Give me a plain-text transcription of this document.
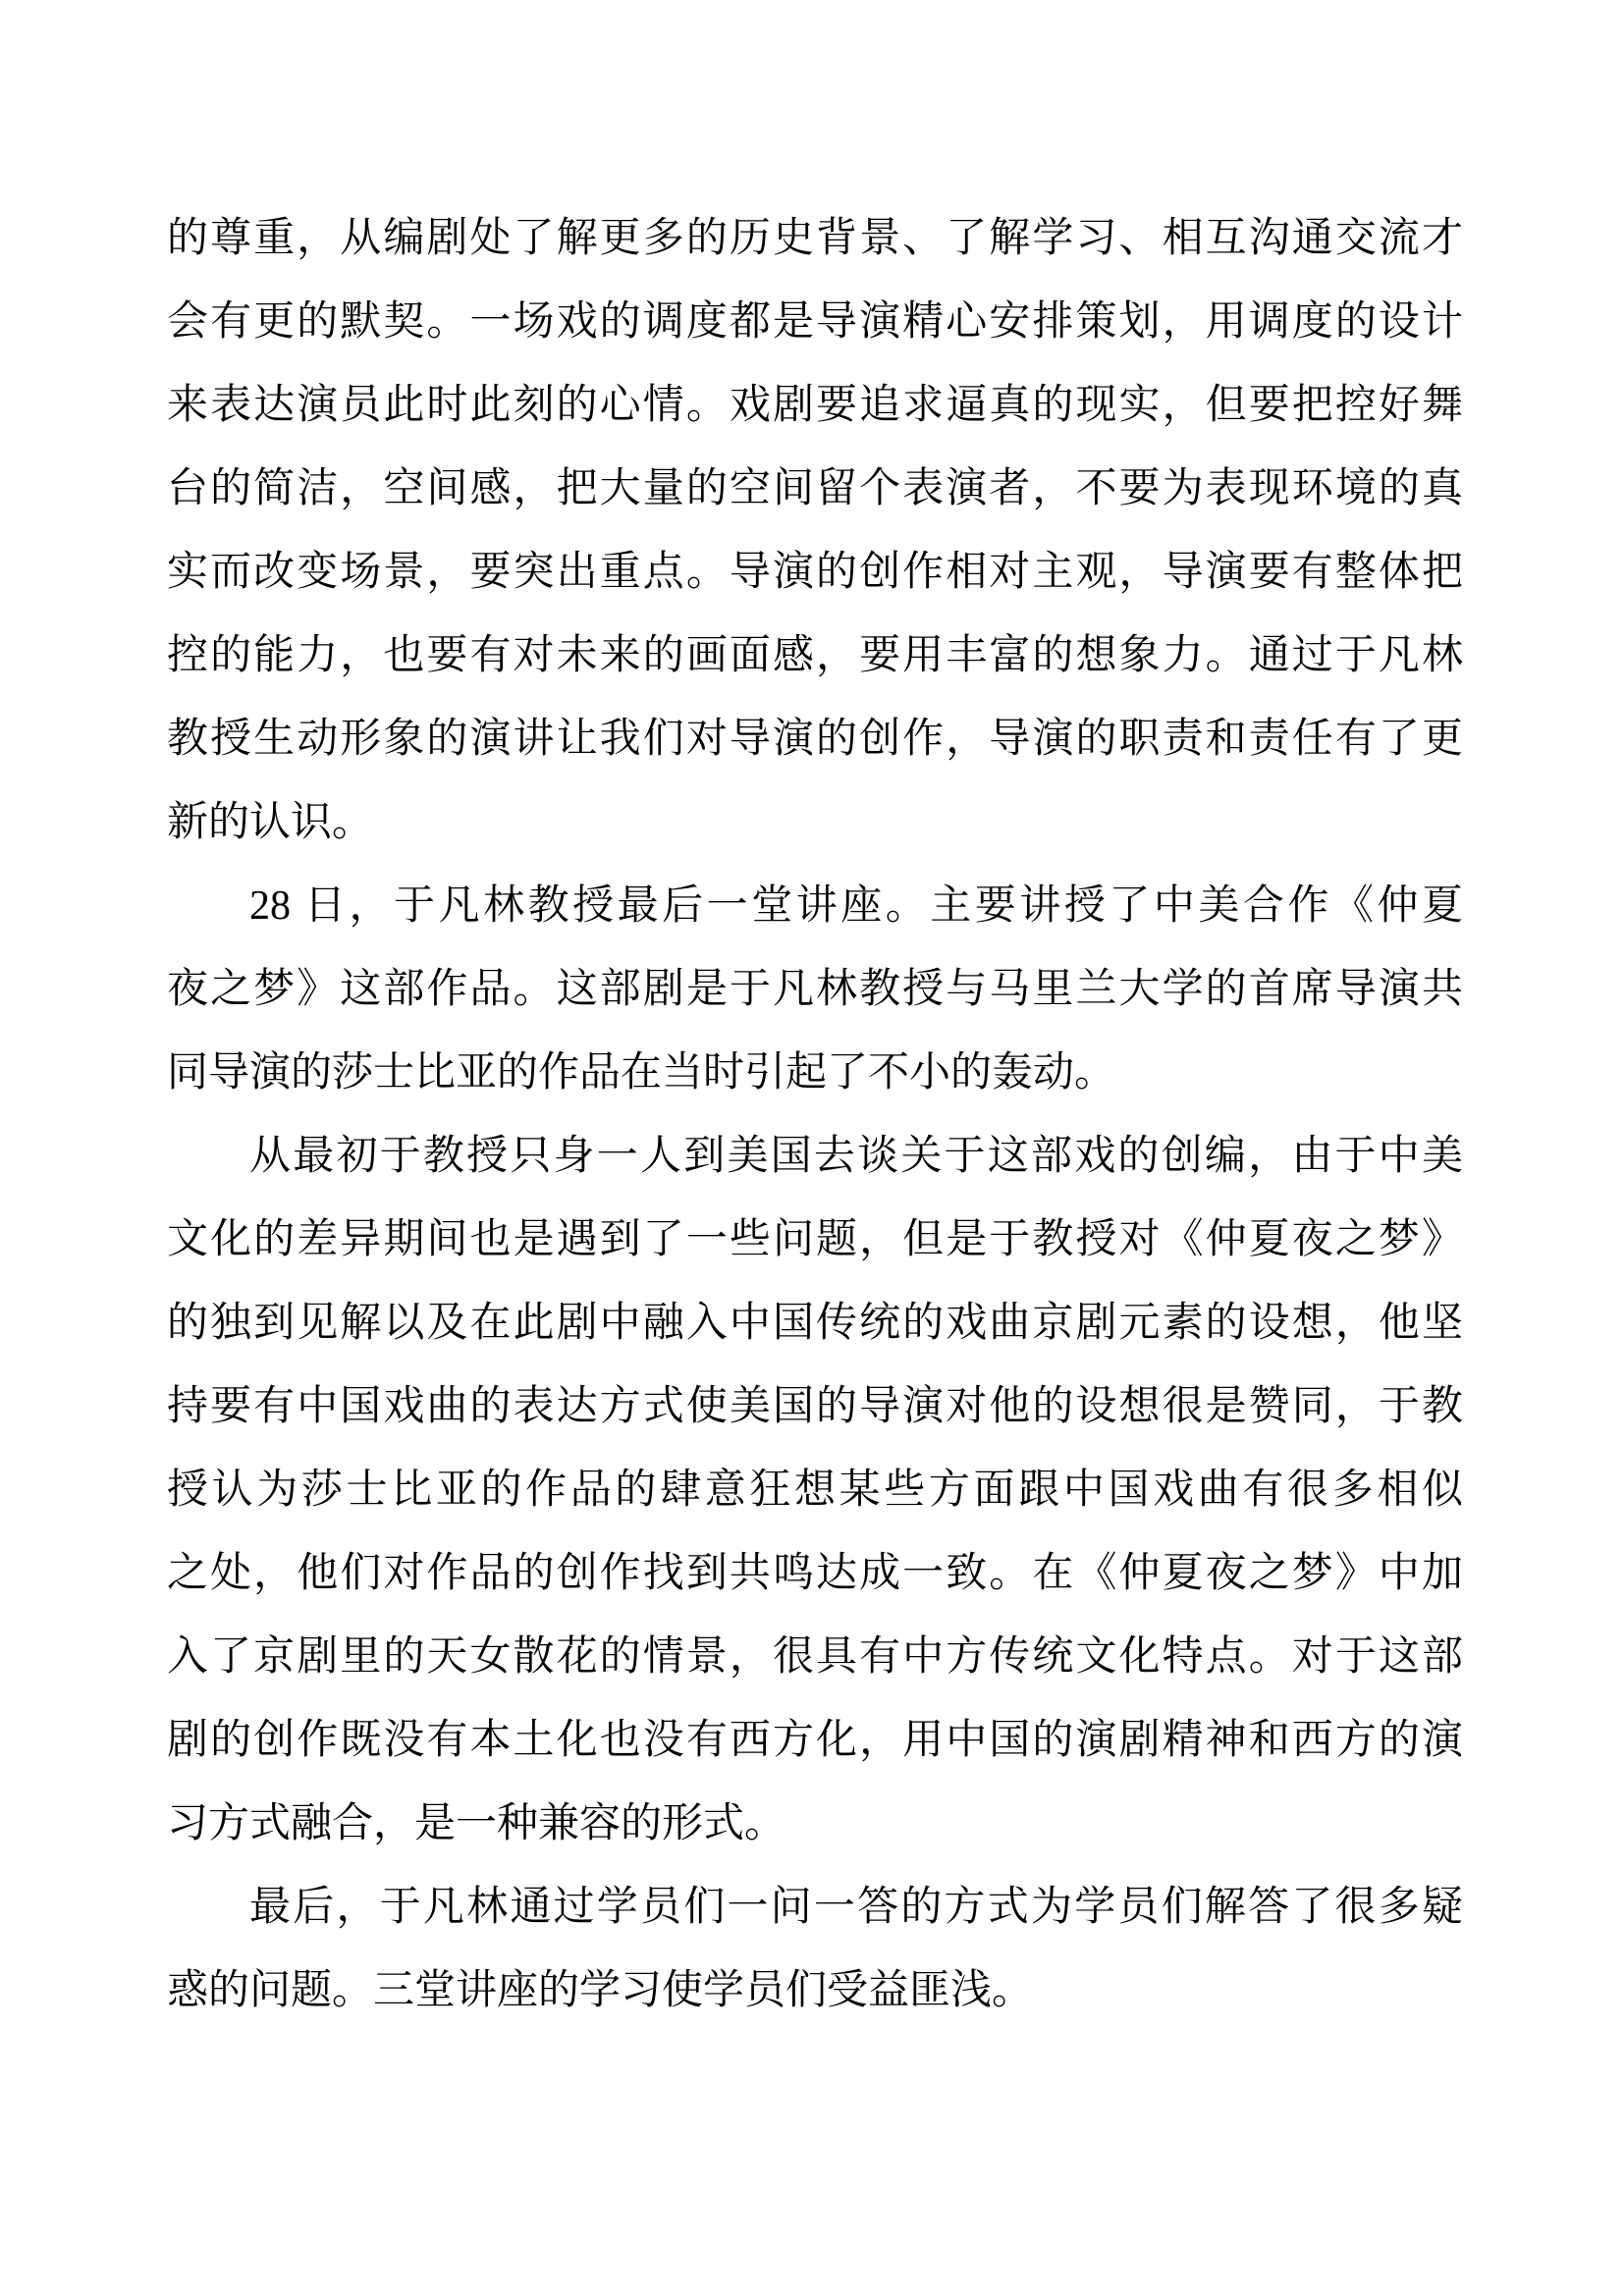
的尊重，从编剧处了解更多的历史背景、了解学习、相互沟通交流才
会有更的默契。一场戏的调度都是导演精心安排策划，用调度的设计
来表达演员此时此刻的心情。戏剧要追求逼真的现实，但要把控好舞
台的简洁，空间感，把大量的空间留个表演者，不要为表现环境的真
实而改变场景，要突出重点。导演的创作相对主观，导演要有整体把
控的能力，也要有对未来的画面感，要用丰富的想象力。通过于凡林
教授生动形象的演讲让我们对导演的创作，导演的职责和责任有了更
新的认识。
28 日，于凡林教授最后一堂讲座。主要讲授了中美合作《仲夏
夜之梦》这部作品。这部剧是于凡林教授与马里兰大学的首席导演共
同导演的莎士比亚的作品在当时引起了不小的轰动。
从最初于教授只身一人到美国去谈关于这部戏的创编，由于中美
文化的差异期间也是遇到了一些问题，但是于教授对《仲夏夜之梦》
的独到见解以及在此剧中融入中国传统的戏曲京剧元素的设想，他坚
持要有中国戏曲的表达方式使美国的导演对他的设想很是赞同，于教
授认为莎士比亚的作品的肆意狂想某些方面跟中国戏曲有很多相似
之处，他们对作品的创作找到共鸣达成一致。在《仲夏夜之梦》中加
入了京剧里的天女散花的情景，很具有中方传统文化特点。对于这部
剧的创作既没有本土化也没有西方化，用中国的演剧精神和西方的演
习方式融合，是一种兼容的形式。
最后，于凡林通过学员们一问一答的方式为学员们解答了很多疑
惑的问题。三堂讲座的学习使学员们受益匪浅。
